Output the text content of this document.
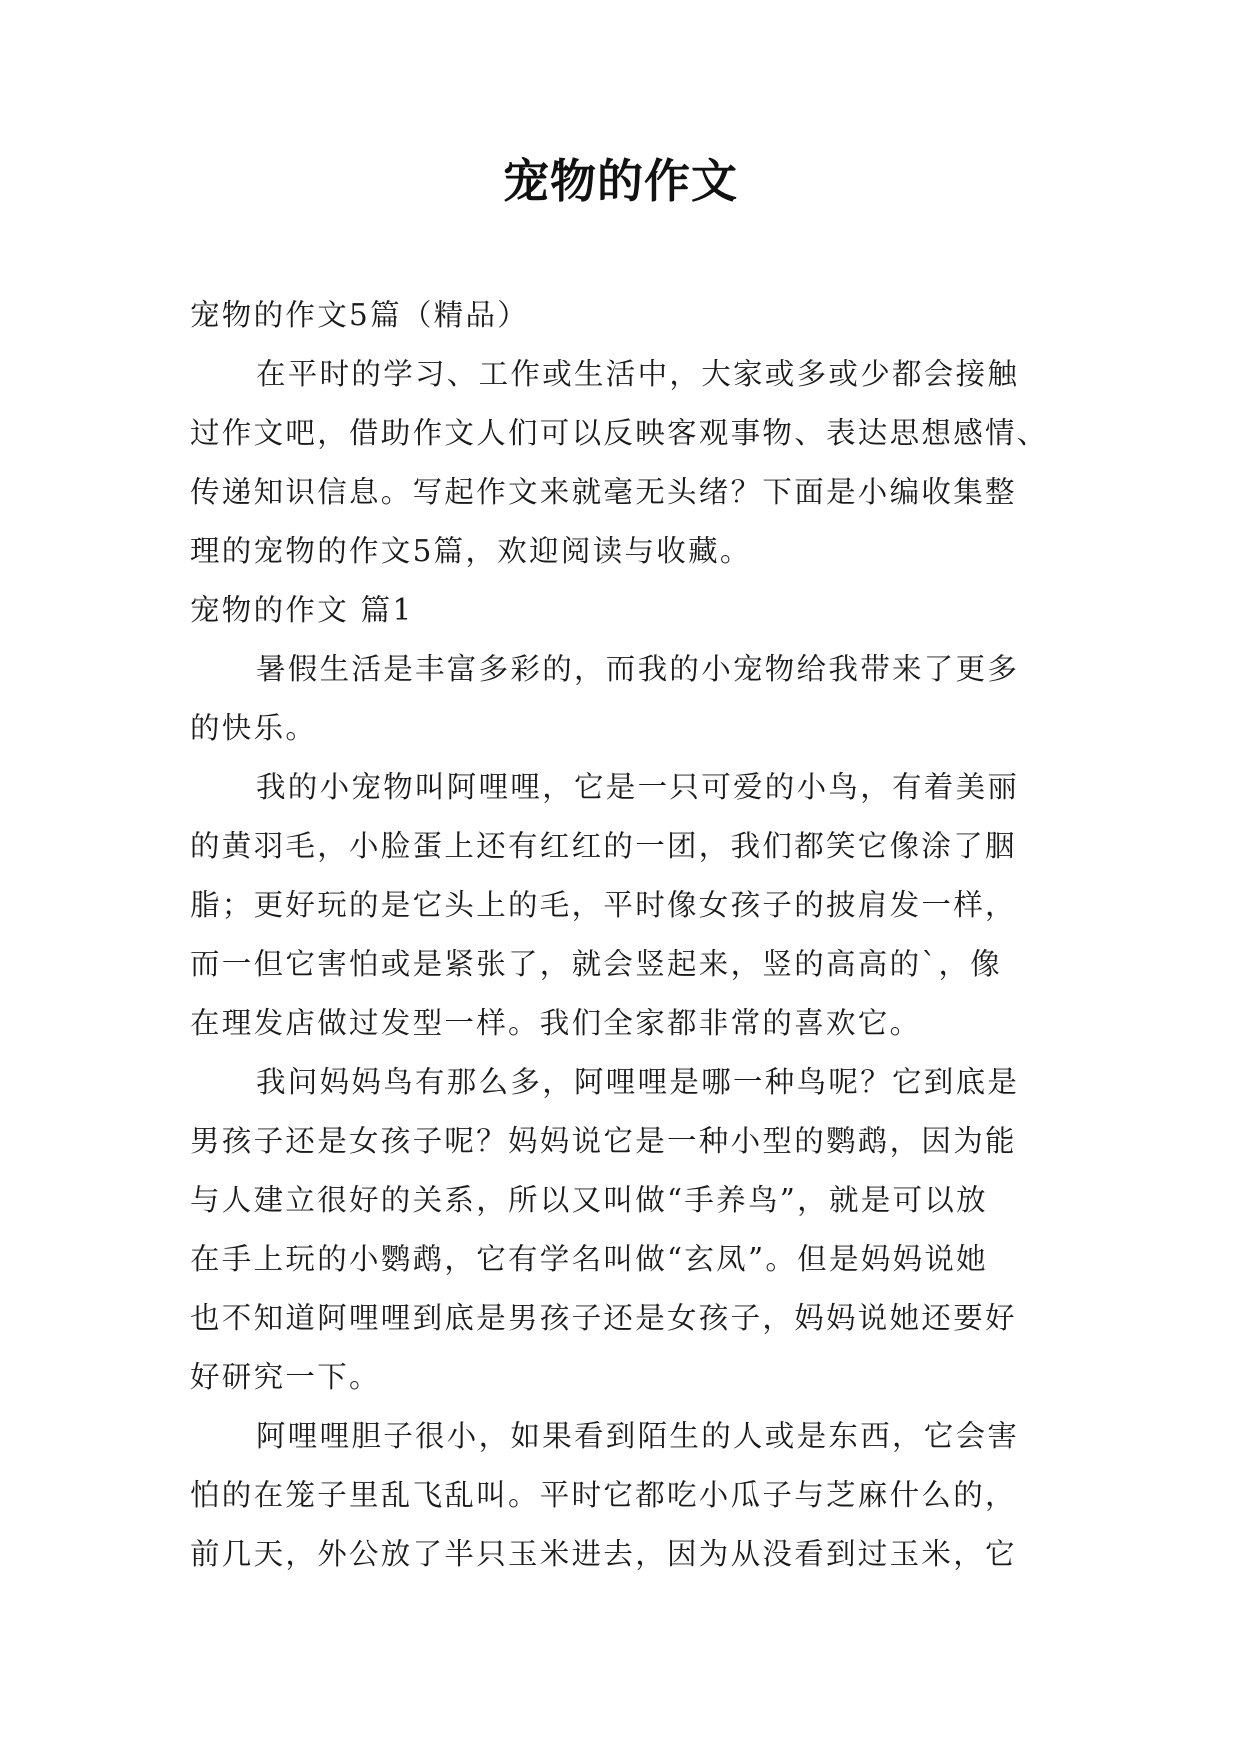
宠物的作文

宠物的作文5篇（精品）

在平时的学习、工作或生活中，大家或多或少都会接触

过作文吧，借助作文人们可以反映客观事物、表达思想感情、

传递知识信息。写起作文来就毫无头绪？下面是小编收集整

理的宠物的作文5篇，欢迎阅读与收藏。

宠物的作文 篇1

暑假生活是丰富多彩的，而我的小宠物给我带来了更多

的快乐。

我的小宠物叫阿哩哩，它是一只可爱的小鸟，有着美丽

的黄羽毛，小脸蛋上还有红红的一团，我们都笑它像涂了胭

脂；更好玩的是它头上的毛，平时像女孩子的披肩发一样，

而一但它害怕或是紧张了，就会竖起来，竖的高高的`，像

在理发店做过发型一样。我们全家都非常的喜欢它。

我问妈妈鸟有那么多，阿哩哩是哪一种鸟呢？它到底是

男孩子还是女孩子呢？妈妈说它是一种小型的鹦鹉，因为能

与人建立很好的关系，所以又叫做“手养鸟”，就是可以放

在手上玩的小鹦鹉，它有学名叫做“玄凤”。但是妈妈说她

也不知道阿哩哩到底是男孩子还是女孩子，妈妈说她还要好

好研究一下。

阿哩哩胆子很小，如果看到陌生的人或是东西，它会害

怕的在笼子里乱飞乱叫。平时它都吃小瓜子与芝麻什么的，

前几天，外公放了半只玉米进去，因为从没看到过玉米，它
